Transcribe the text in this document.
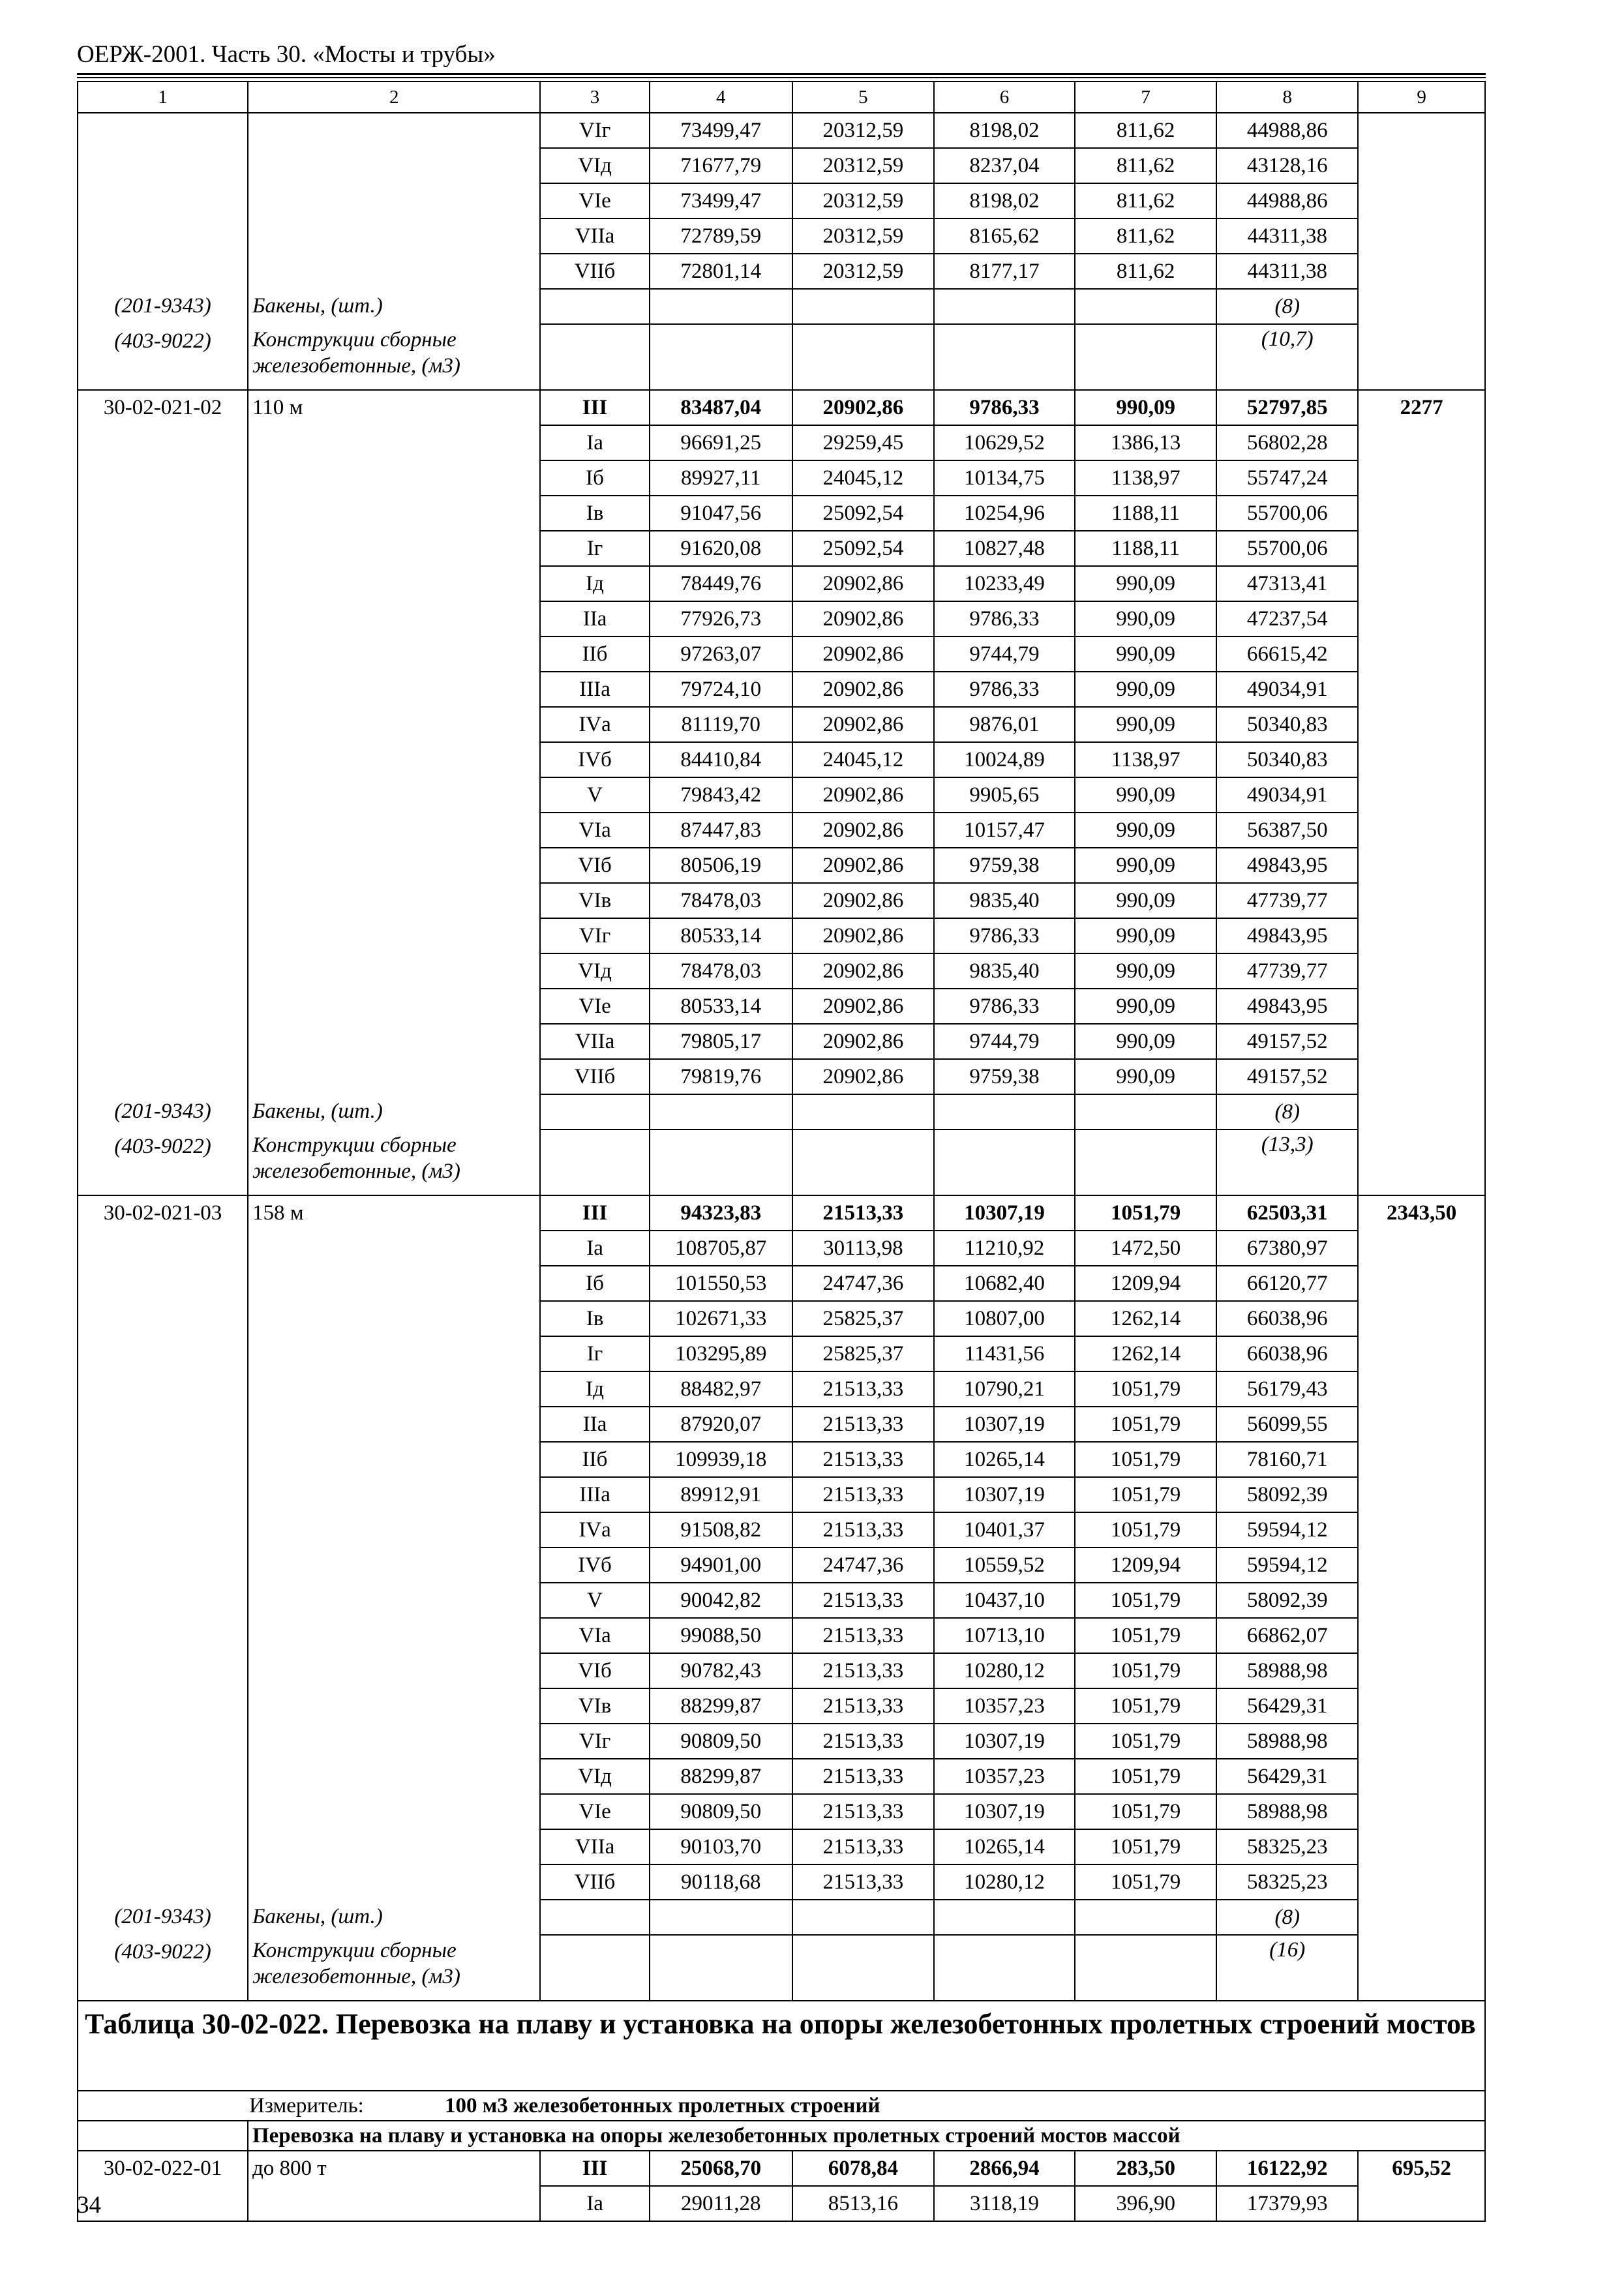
ОЕРЖ-2001. Часть 30. «Мосты и трубы»
1	2	3	4	5	6	7	8	9
		VIг	73499,47	20312,59	8198,02	811,62	44988,86	
		VIд	71677,79	20312,59	8237,04	811,62	43128,16	
		VIе	73499,47	20312,59	8198,02	811,62	44988,86	
		VIIа	72789,59	20312,59	8165,62	811,62	44311,38	
		VIIб	72801,14	20312,59	8177,17	811,62	44311,38	
(201-9343)	Бакены, (шт.)						(8)	
(403-9022)	Конструкции сборные железобетонные, (м3)						(10,7)	
30-02-021-02	110 м	III	83487,04	20902,86	9786,33	990,09	52797,85	2277
		Iа	96691,25	29259,45	10629,52	1386,13	56802,28	
		Iб	89927,11	24045,12	10134,75	1138,97	55747,24	
		Iв	91047,56	25092,54	10254,96	1188,11	55700,06	
		Iг	91620,08	25092,54	10827,48	1188,11	55700,06	
		Iд	78449,76	20902,86	10233,49	990,09	47313,41	
		IIа	77926,73	20902,86	9786,33	990,09	47237,54	
		IIб	97263,07	20902,86	9744,79	990,09	66615,42	
		IIIа	79724,10	20902,86	9786,33	990,09	49034,91	
		IVа	81119,70	20902,86	9876,01	990,09	50340,83	
		IVб	84410,84	24045,12	10024,89	1138,97	50340,83	
		V	79843,42	20902,86	9905,65	990,09	49034,91	
		VIа	87447,83	20902,86	10157,47	990,09	56387,50	
		VIб	80506,19	20902,86	9759,38	990,09	49843,95	
		VIв	78478,03	20902,86	9835,40	990,09	47739,77	
		VIг	80533,14	20902,86	9786,33	990,09	49843,95	
		VIд	78478,03	20902,86	9835,40	990,09	47739,77	
		VIе	80533,14	20902,86	9786,33	990,09	49843,95	
		VIIа	79805,17	20902,86	9744,79	990,09	49157,52	
		VIIб	79819,76	20902,86	9759,38	990,09	49157,52	
(201-9343)	Бакены, (шт.)						(8)	
(403-9022)	Конструкции сборные железобетонные, (м3)						(13,3)	
30-02-021-03	158 м	III	94323,83	21513,33	10307,19	1051,79	62503,31	2343,50
		Iа	108705,87	30113,98	11210,92	1472,50	67380,97	
		Iб	101550,53	24747,36	10682,40	1209,94	66120,77	
		Iв	102671,33	25825,37	10807,00	1262,14	66038,96	
		Iг	103295,89	25825,37	11431,56	1262,14	66038,96	
		Iд	88482,97	21513,33	10790,21	1051,79	56179,43	
		IIа	87920,07	21513,33	10307,19	1051,79	56099,55	
		IIб	109939,18	21513,33	10265,14	1051,79	78160,71	
		IIIа	89912,91	21513,33	10307,19	1051,79	58092,39	
		IVа	91508,82	21513,33	10401,37	1051,79	59594,12	
		IVб	94901,00	24747,36	10559,52	1209,94	59594,12	
		V	90042,82	21513,33	10437,10	1051,79	58092,39	
		VIа	99088,50	21513,33	10713,10	1051,79	66862,07	
		VIб	90782,43	21513,33	10280,12	1051,79	58988,98	
		VIв	88299,87	21513,33	10357,23	1051,79	56429,31	
		VIг	90809,50	21513,33	10307,19	1051,79	58988,98	
		VIд	88299,87	21513,33	10357,23	1051,79	56429,31	
		VIе	90809,50	21513,33	10307,19	1051,79	58988,98	
		VIIа	90103,70	21513,33	10265,14	1051,79	58325,23	
		VIIб	90118,68	21513,33	10280,12	1051,79	58325,23	
(201-9343)	Бакены, (шт.)						(8)	
(403-9022)	Конструкции сборные железобетонные, (м3)						(16)	
Таблица 30-02-022. Перевозка на плаву и установка на опоры железобетонных пролетных строений мостов								
Измеритель: 100 м3 железобетонных пролетных строений								
	Перевозка на плаву и установка на опоры железобетонных пролетных строений мостов массой							
30-02-022-01	до 800 т	III	25068,70	6078,84	2866,94	283,50	16122,92	695,52
		Iа	29011,28	8513,16	3118,19	396,90	17379,93	
34
